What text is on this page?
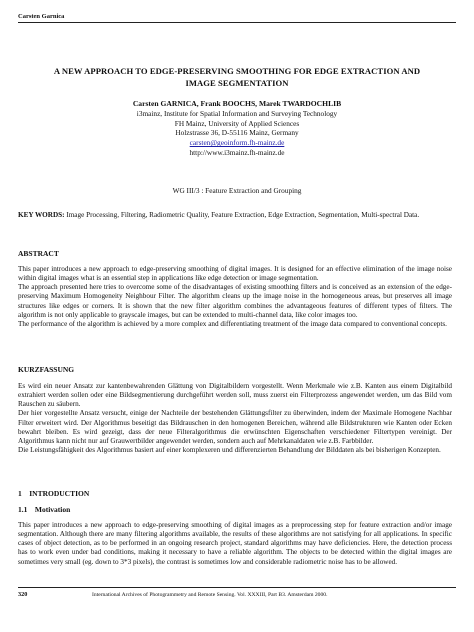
Carsten Garnica
A NEW APPROACH TO EDGE-PRESERVING SMOOTHING FOR EDGE EXTRACTION AND
IMAGE SEGMENTATION
Carsten GARNICA, Frank BOOCHS, Marek TWARDOCHLIB
i3mainz, Institute for Spatial Information and Surveying Technology
FH Mainz, University of Applied Sciences
Holzstrasse 36, D-55116 Mainz, Germany
carsten@geoinform.fh-mainz.de
http://www.i3mainz.fh-mainz.de
WG III/3 : Feature Extraction and Grouping
KEY WORDS: Image Processing, Filtering, Radiometric Quality, Feature Extraction, Edge Extraction, Segmentation, Multi-spectral Data.
ABSTRACT

This paper introduces a new approach to edge-preserving smoothing of digital images. It is designed for an effective elimination of the image noise within digital images what is an essential step in applications like edge detection or image segmentation.

The approach presented here tries to overcome some of the disadvantages of existing smoothing filters and is conceived as an extension of the edge-preserving Maximum Homogeneity Neighbour Filter. The algorithm cleans up the image noise in the homogeneous areas, but preserves all image structures like edges or corners. It is shown that the new filter algorithm combines the advantageous features of different types of filters. The algorithm is not only applicable to grayscale images, but can be extended to multi-channel data, like color images too.

The performance of the algorithm is achieved by a more complex and differentiating treatment of the image data compared to conventional concepts.

KURZFASSUNG

Es wird ein neuer Ansatz zur kantenbewahrenden Glättung von Digitalbildern vorgestellt. Wenn Merkmale wie z.B. Kanten aus einem Digitalbild extrahiert werden sollen oder eine Bildsegmentierung durchgeführt werden soll, muss zuerst ein Filterprozess angewendet werden, um das Bild vom Rauschen zu säubern.

Der hier vorgestellte Ansatz versucht, einige der Nachteile der bestehenden Glättungsfilter zu überwinden, indem der Maximale Homogene Nachbar Filter erweitert wird. Der Algorithmus beseitigt das Bildrauschen in den homogenen Bereichen, während alle Bildstrukturen wie Kanten oder Ecken bewahrt bleiben. Es wird gezeigt, dass der neue Filteralgorithmus die erwünschten Eigenschaften verschiedener Filtertypen vereinigt. Der Algorithmus kann nicht nur auf Grauwertbilder angewendet werden, sondern auch auf Mehrkanaldaten wie z.B. Farbbilder.

Die Leistungsfähigkeit des Algorithmus basiert auf einer komplexeren und differenzierten Behandlung der Bilddaten als bei bisherigen Konzepten.

1    INTRODUCTION
1.1    Motivation

This paper introduces a new approach to edge-preserving smoothing of digital images as a preprocessing step for feature extraction and/or image segmentation. Although there are many filtering algorithms available, the results of these algorithms are not satisfying for all applications. In specific cases of object detection, as to be performed in an ongoing research project, standard algorithms may have deficiencies. Here, the detection process has to work even under bad conditions, making it necessary to have a reliable algorithm. The objects to be detected within the digital images are sometimes very small (eg. down to 3*3 pixels), the contrast is sometimes low and considerable radiometric noise has to be allowed.

320	International Archives of Photogrammetry and Remote Sensing. Vol. XXXIII, Part B3. Amsterdam 2000.
